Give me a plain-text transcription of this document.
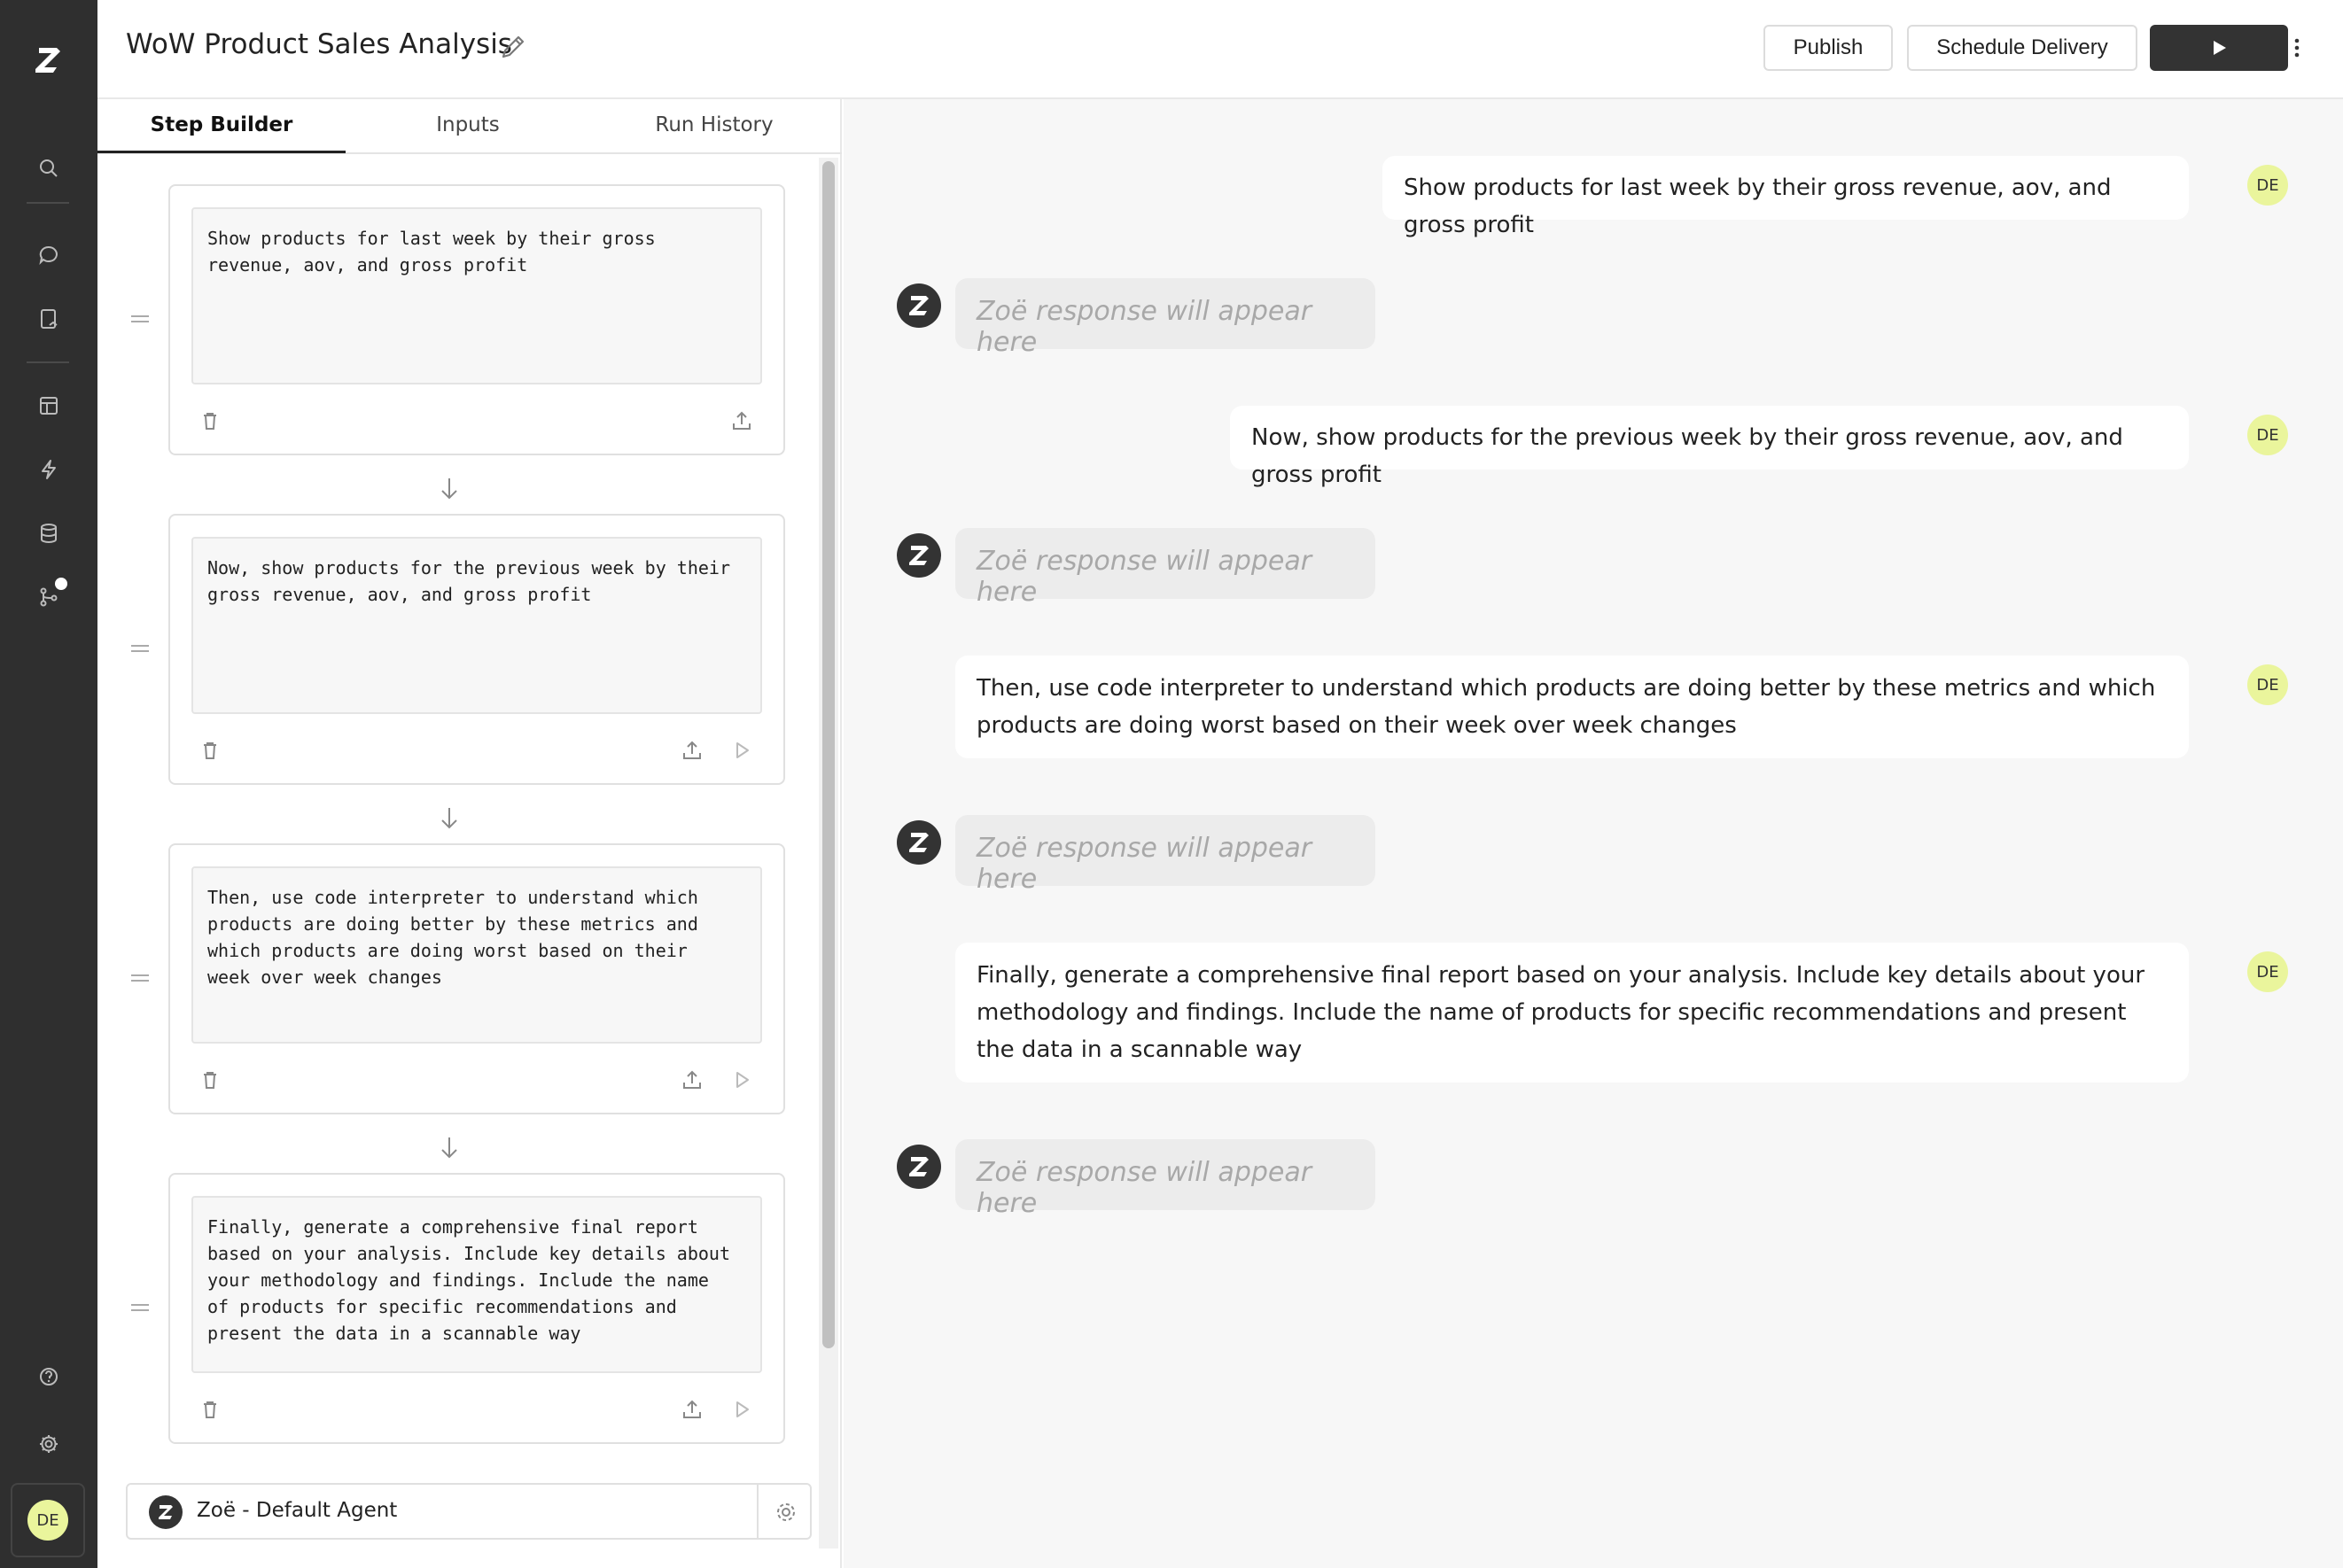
DE
WoW Product Sales Analysis	Publish	Schedule Delivery
Step Builder	Inputs	Run History
Show products for last week by their gross
revenue, aov, and gross profit
Now, show products for the previous week by their
gross revenue, aov, and gross profit
Then, use code interpreter to understand which
products are doing better by these metrics and
which products are doing worst based on their
week over week changes
Finally, generate a comprehensive final report
based on your analysis. Include key details about
your methodology and findings. Include the name
of products for specific recommendations and
present the data in a scannable way
Zoë - Default Agent
Show products for last week by their gross revenue, aov, and gross profit
DE
Zoë response will appear here
Now, show products for the previous week by their gross revenue, aov, and gross profit
DE
Zoë response will appear here
Then, use code interpreter to understand which products are doing better by these metrics and which products are doing worst based on their week over week changes
DE
Zoë response will appear here
Finally, generate a comprehensive final report based on your analysis. Include key details about your methodology and findings. Include the name of products for specific recommendations and present the data in a scannable way
DE
Zoë response will appear here
